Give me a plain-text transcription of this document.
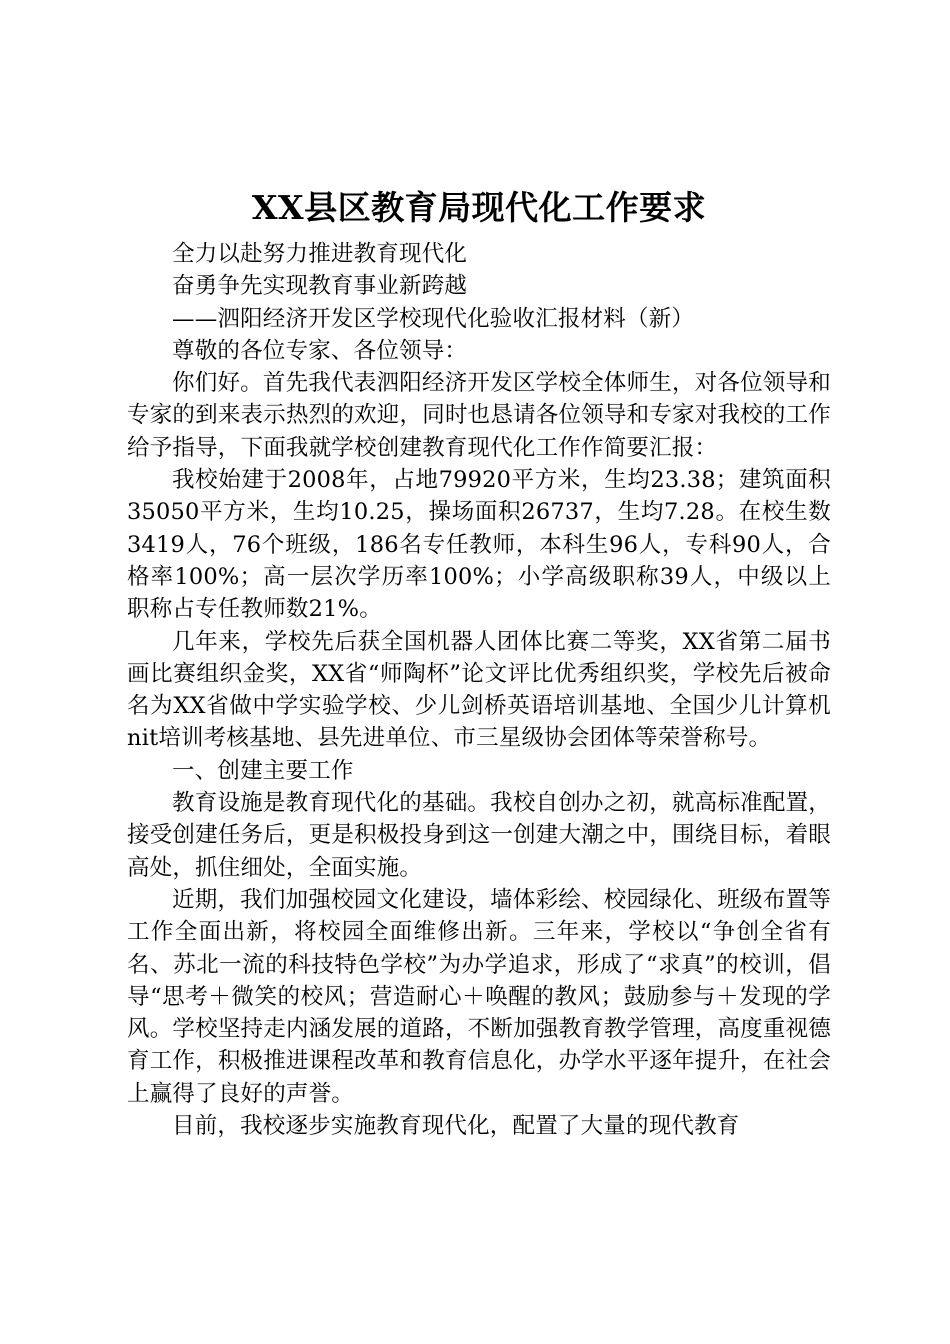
XX县区教育局现代化工作要求

全力以赴努力推进教育现代化

奋勇争先实现教育事业新跨越

——泗阳经济开发区学校现代化验收汇报材料（新）

尊敬的各位专家、各位领导：

你们好。首先我代表泗阳经济开发区学校全体师生，对各位领导和专家的到来表示热烈的欢迎，同时也恳请各位领导和专家对我校的工作给予指导，下面我就学校创建教育现代化工作作简要汇报：

我校始建于2008年，占地79920平方米，生均23.38；建筑面积35050平方米，生均10.25，操场面积26737，生均7.28。在校生数3419人，76个班级，186名专任教师，本科生96人，专科90人，合格率100%；高一层次学历率100%；小学高级职称39人，中级以上职称占专任教师数21%。

几年来，学校先后获全国机器人团体比赛二等奖，XX省第二届书画比赛组织金奖，XX省“师陶杯”论文评比优秀组织奖，学校先后被命名为XX省做中学实验学校、少儿剑桥英语培训基地、全国少儿计算机nit培训考核基地、县先进单位、市三星级协会团体等荣誉称号。

一、创建主要工作

教育设施是教育现代化的基础。我校自创办之初，就高标准配置，接受创建任务后，更是积极投身到这一创建大潮之中，围绕目标，着眼高处，抓住细处，全面实施。

近期，我们加强校园文化建设，墙体彩绘、校园绿化、班级布置等工作全面出新，将校园全面维修出新。三年来，学校以“争创全省有名、苏北一流的科技特色学校”为办学追求，形成了“求真”的校训，倡导“思考＋微笑的校风；营造耐心＋唤醒的教风；鼓励参与＋发现的学风。学校坚持走内涵发展的道路，不断加强教育教学管理，高度重视德育工作，积极推进课程改革和教育信息化，办学水平逐年提升，在社会上赢得了良好的声誉。

目前，我校逐步实施教育现代化，配置了大量的现代教育
